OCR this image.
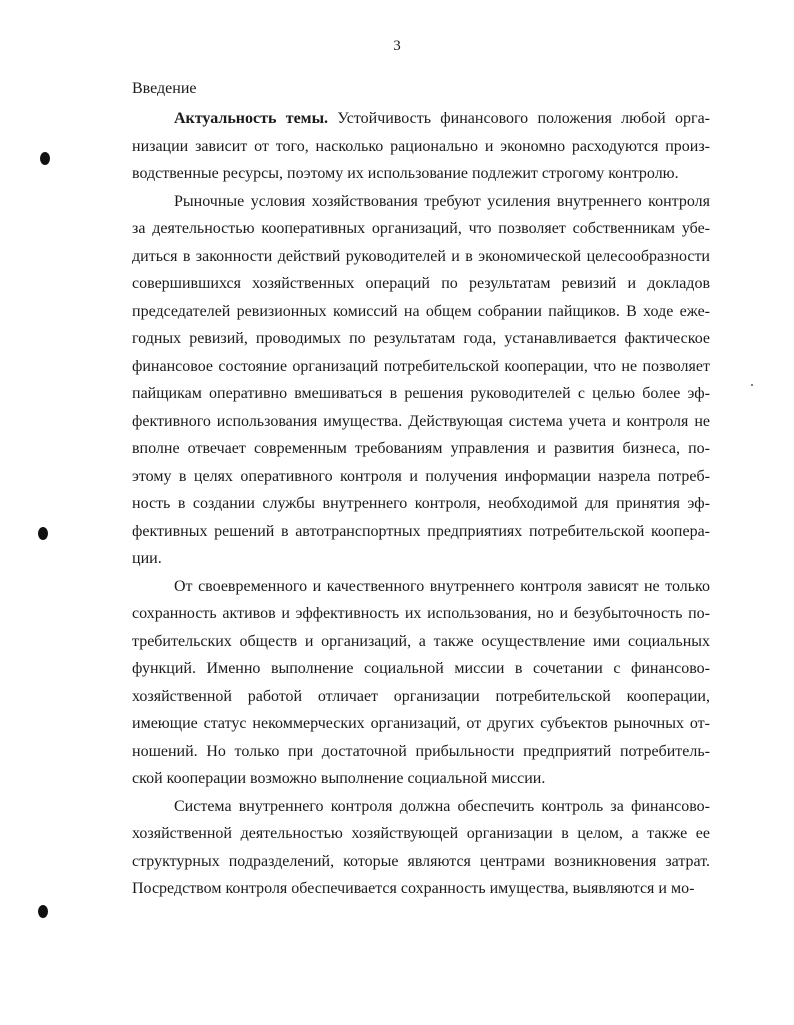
3
Введение
Актуальность темы. Устойчивость финансового положения любой орга-
низации зависит от того, насколько рационально и экономно расходуются произ-
водственные ресурсы, поэтому их использование подлежит строгому контролю.
Рыночные условия хозяйствования требуют усиления внутреннего контроля
за деятельностью кооперативных организаций, что позволяет собственникам убе-
диться в законности действий руководителей и в экономической целесообразности
совершившихся хозяйственных операций по результатам ревизий и докладов
председателей ревизионных комиссий на общем собрании пайщиков. В ходе еже-
годных ревизий, проводимых по результатам года, устанавливается фактическое
финансовое состояние организаций потребительской кооперации, что не позволяет
пайщикам оперативно вмешиваться в решения руководителей с целью более эф-
фективного использования имущества. Действующая система учета и контроля не
вполне отвечает современным требованиям управления и развития бизнеса, по-
этому в целях оперативного контроля и получения информации назрела потреб-
ность в создании службы внутреннего контроля, необходимой для принятия эф-
фективных решений в автотранспортных предприятиях потребительской коопера-
ции.
От своевременного и качественного внутреннего контроля зависят не только
сохранность активов и эффективность их использования, но и безубыточность по-
требительских обществ и организаций, а также осуществление ими социальных
функций. Именно выполнение социальной миссии в сочетании с финансово-
хозяйственной работой отличает организации потребительской кооперации,
имеющие статус некоммерческих организаций, от других субъектов рыночных от-
ношений. Но только при достаточной прибыльности предприятий потребитель-
ской кооперации возможно выполнение социальной миссии.
Система внутреннего контроля должна обеспечить контроль за финансово-
хозяйственной деятельностью хозяйствующей организации в целом, а также ее
структурных подразделений, которые являются центрами возникновения затрат.
Посредством контроля обеспечивается сохранность имущества, выявляются и мо-
